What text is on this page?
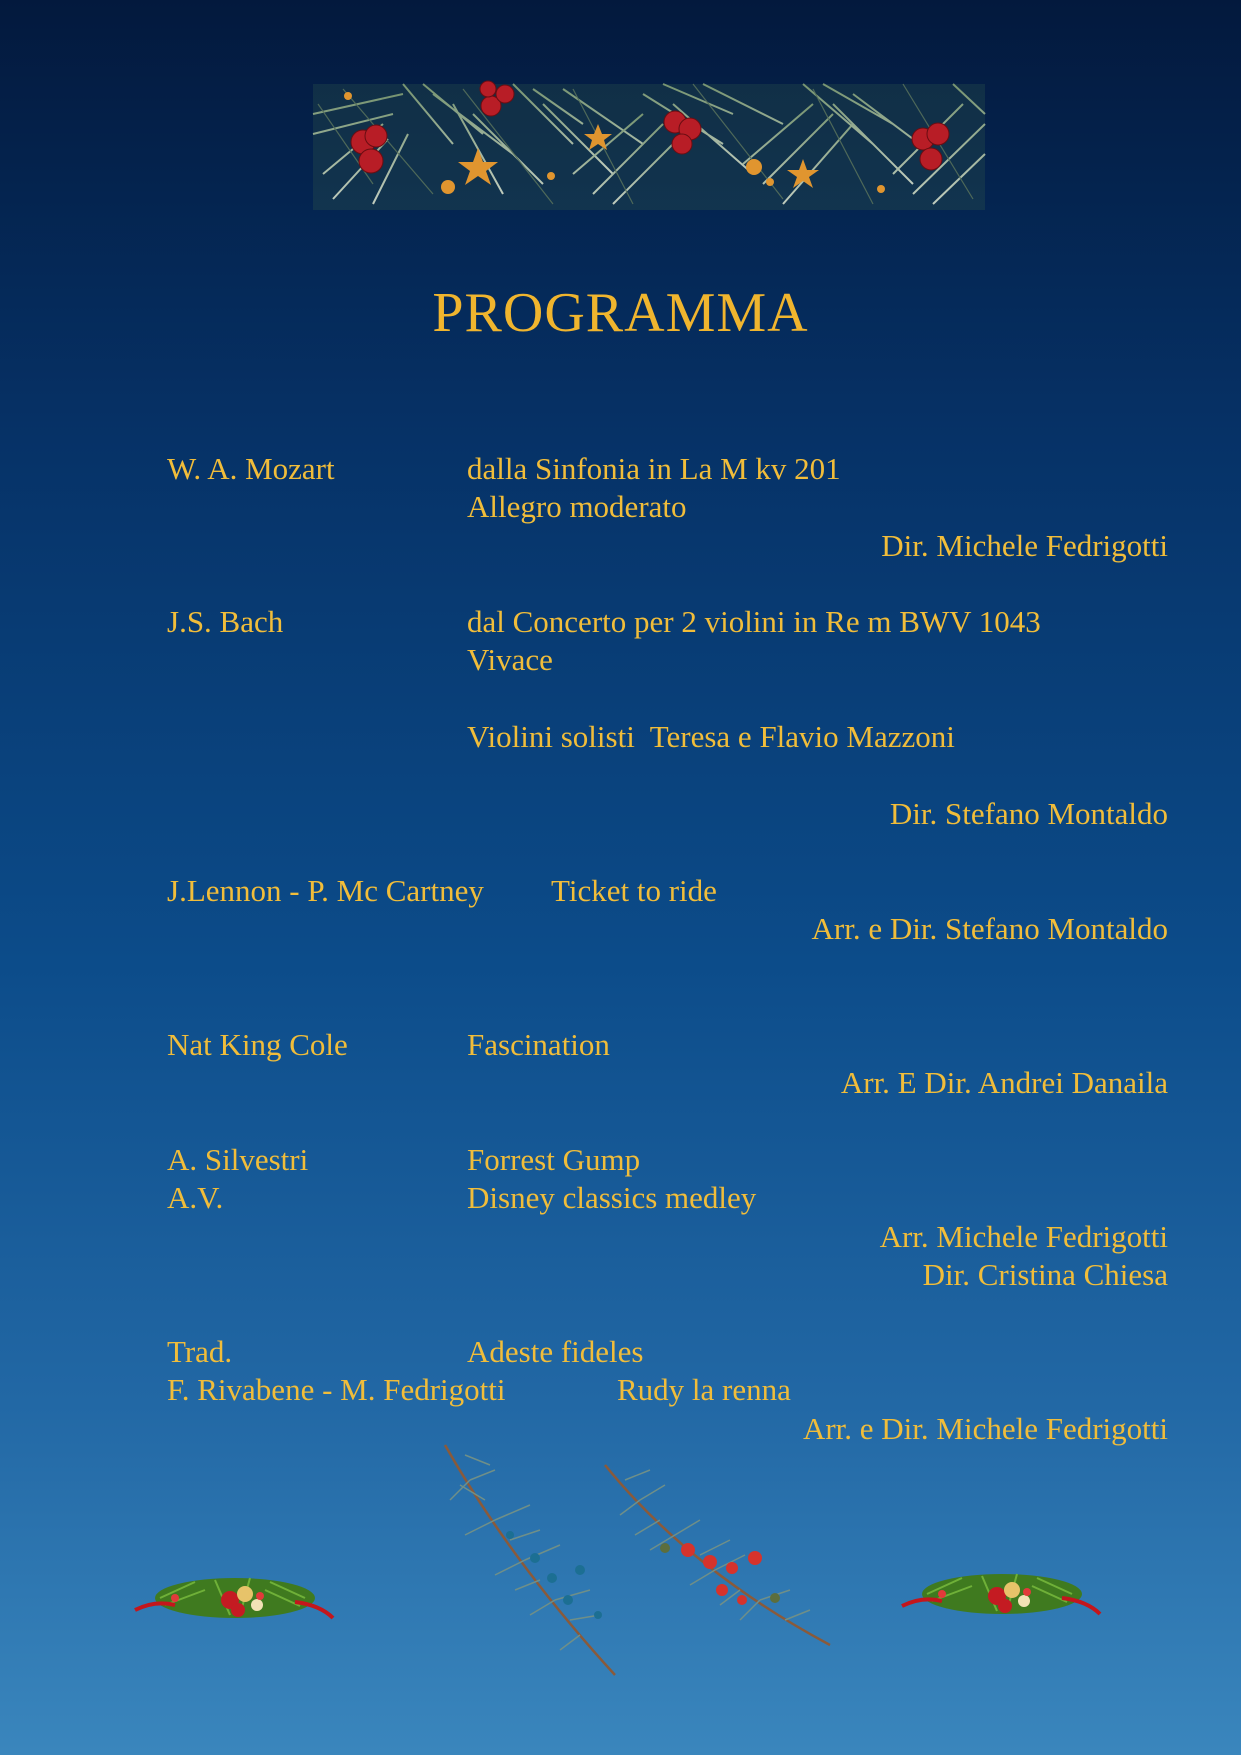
PROGRAMMA
W. A. Mozart	dalla Sinfonia in La M kv 201
Allegro moderato
Dir. Michele Fedrigotti
J.S. Bach	dal Concerto per 2 violini in Re m BWV 1043
Vivace
Violini solisti  Teresa e Flavio Mazzoni
Dir. Stefano Montaldo
J.Lennon - P. Mc Cartney Ticket to ride
Arr. e Dir. Stefano Montaldo
Nat King Cole	Fascination
Arr. E Dir. Andrei Danaila
A. Silvestri	Forrest Gump
A.V.	Disney classics medley
Arr. Michele Fedrigotti
Dir. Cristina Chiesa
Trad.	Adeste fideles
F. Rivabene - M. Fedrigotti	Rudy la renna
Arr. e Dir. Michele Fedrigotti
